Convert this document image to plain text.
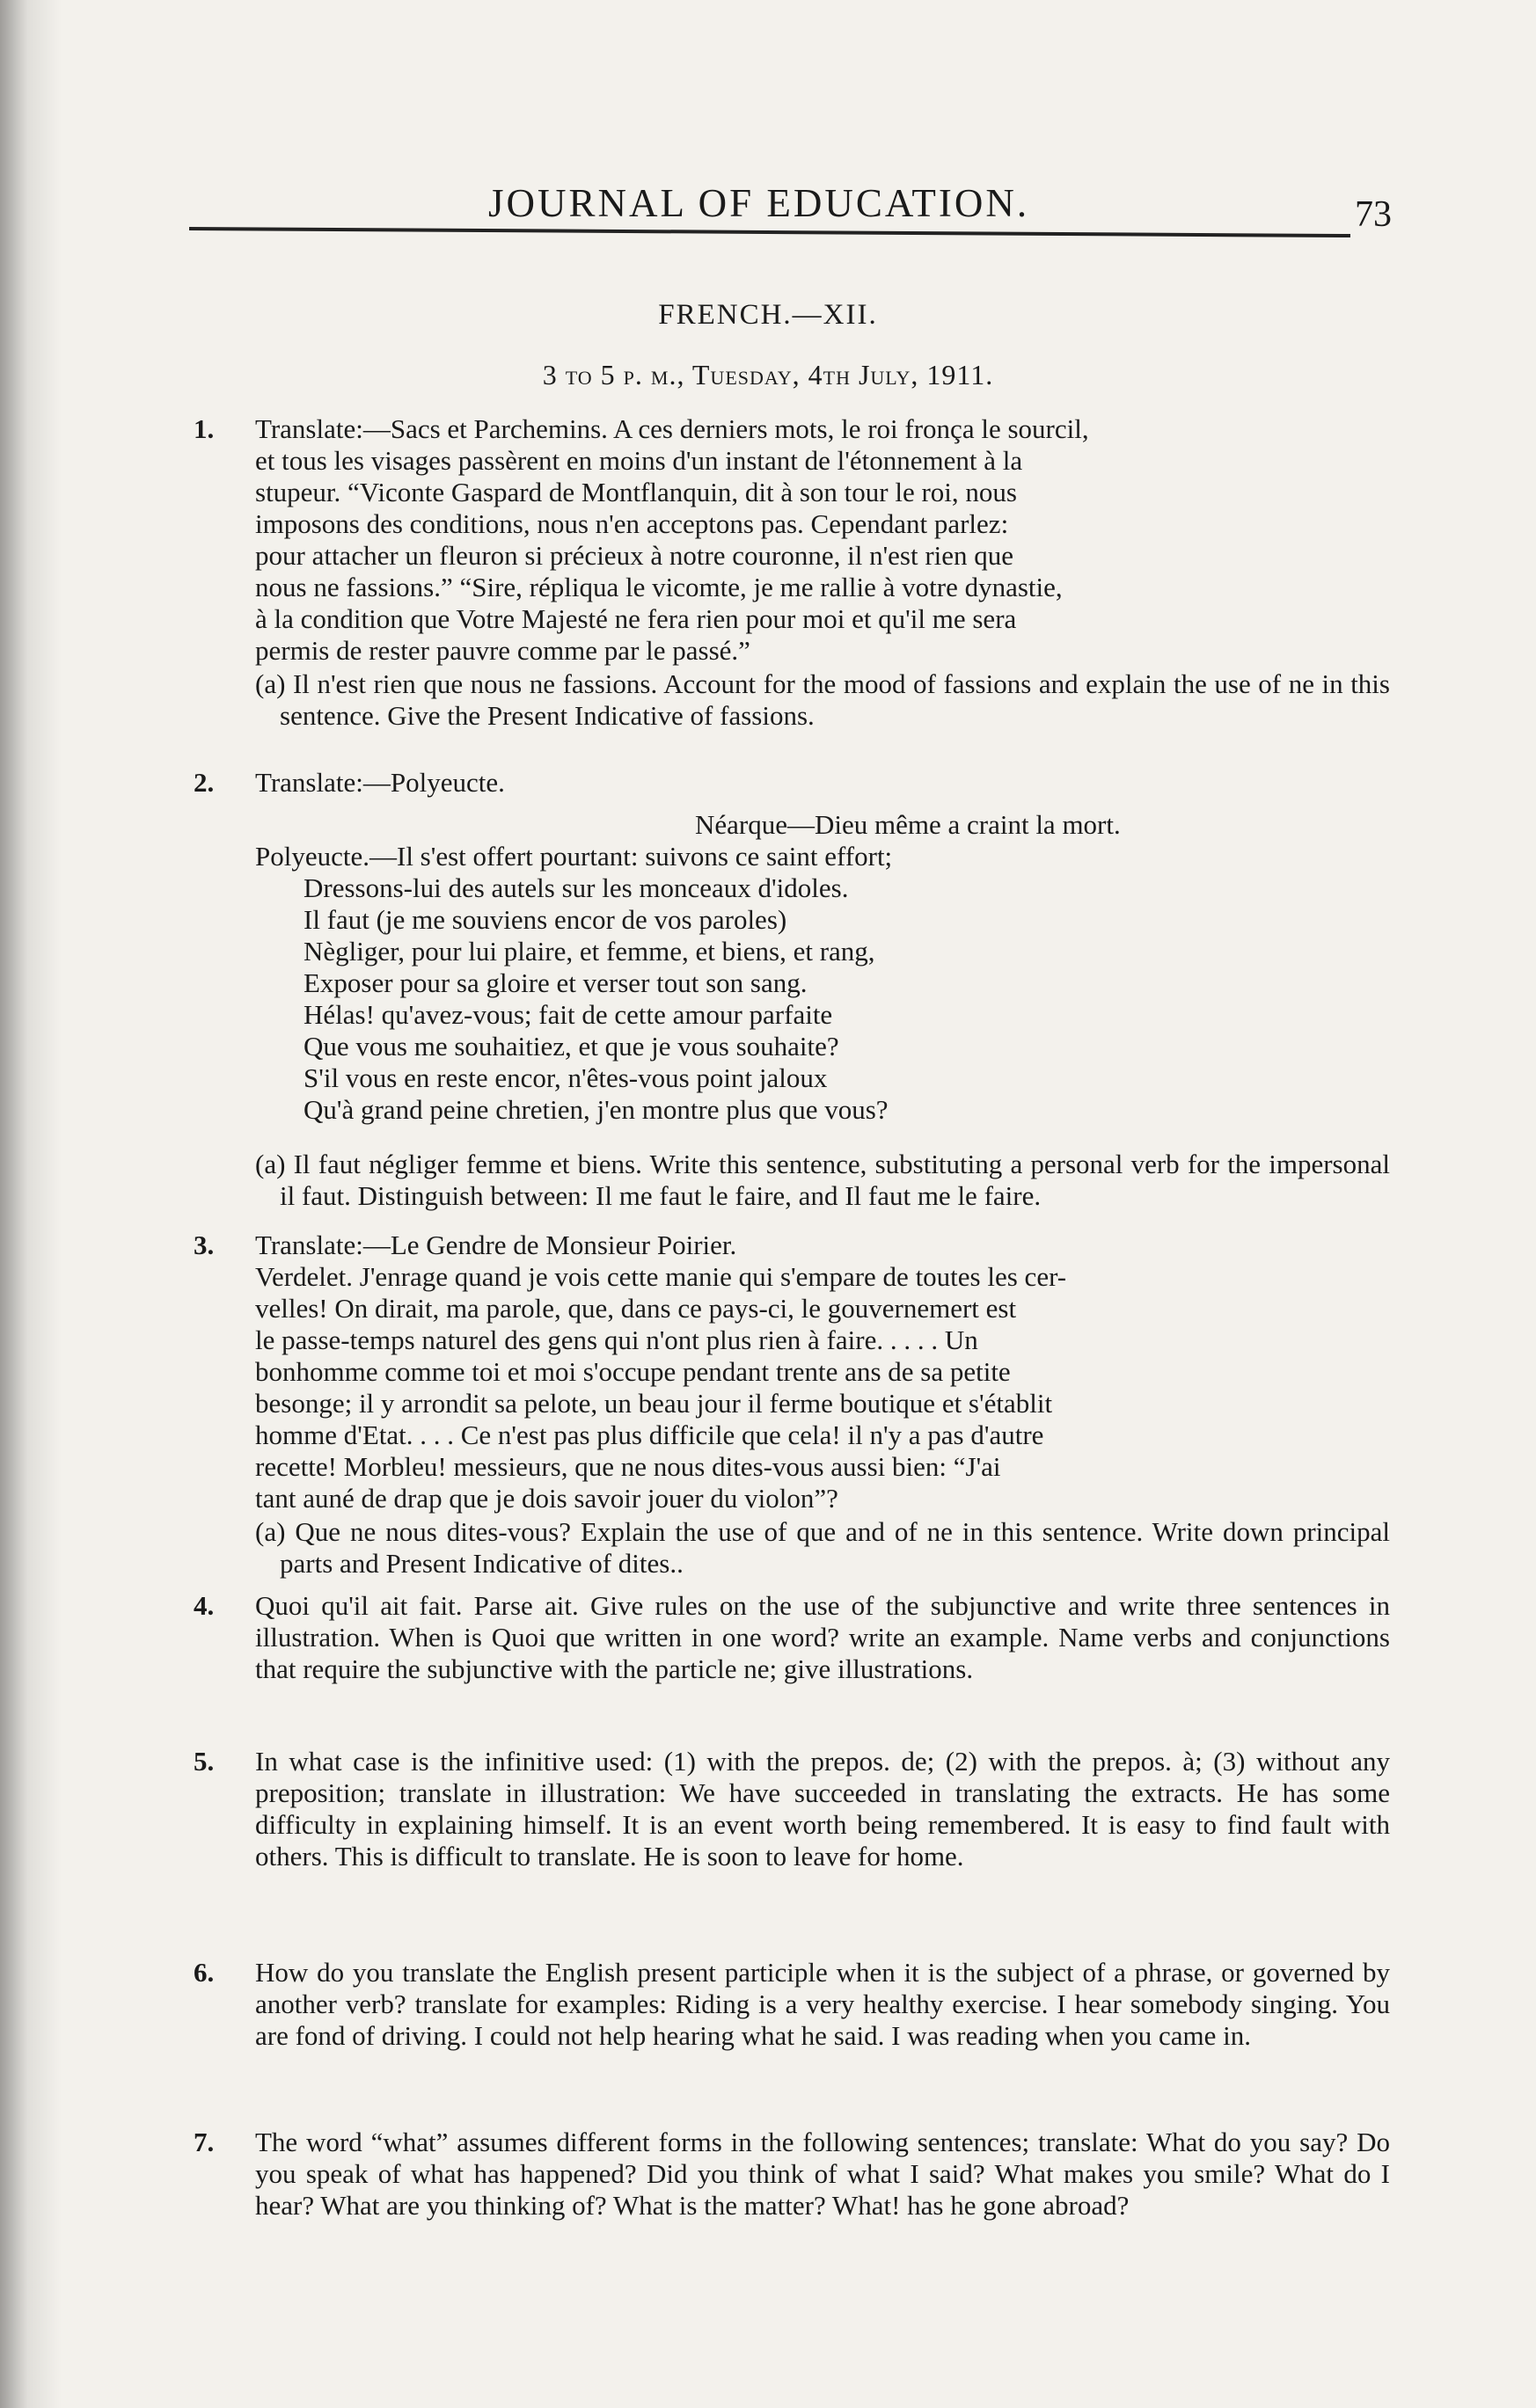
JOURNAL OF EDUCATION.	73
FRENCH.—XII.
3 to 5 p. m., Tuesday, 4th July, 1911.
1. Translate:—Sacs et Parchemins. A ces derniers mots, le roi fronça le sourcil,
et tous les visages passèrent en moins d'un instant de l'étonnement à la
stupeur. “Viconte Gaspard de Montflanquin, dit à son tour le roi, nous
imposons des conditions, nous n'en acceptons pas. Cependant parlez:
pour attacher un fleuron si précieux à notre couronne, il n'est rien que
nous ne fassions.” “Sire, répliqua le vicomte, je me rallie à votre dynastie,
à la condition que Votre Majesté ne fera rien pour moi et qu'il me sera
permis de rester pauvre comme par le passé.”
(a) Il n'est rien que nous ne fassions. Account for the mood of fassions and explain the use of ne in this sentence. Give the Present Indicative of fassions.
2. Translate:—Polyeucte.
Néarque—Dieu même a craint la mort.
Polyeucte.—Il s'est offert pourtant: suivons ce saint effort;
Dressons-lui des autels sur les monceaux d'idoles.
Il faut (je me souviens encor de vos paroles)
Nègliger, pour lui plaire, et femme, et biens, et rang,
Exposer pour sa gloire et verser tout son sang.
Hélas! qu'avez-vous; fait de cette amour parfaite
Que vous me souhaitiez, et que je vous souhaite?
S'il vous en reste encor, n'êtes-vous point jaloux
Qu'à grand peine chretien, j'en montre plus que vous?
(a) Il faut négliger femme et biens. Write this sentence, substituting a personal verb for the impersonal il faut. Distinguish between: Il me faut le faire, and Il faut me le faire.
3. Translate:—Le Gendre de Monsieur Poirier.
Verdelet. J'enrage quand je vois cette manie qui s'empare de toutes les cer-
velles! On dirait, ma parole, que, dans ce pays-ci, le gouvernemert est
le passe-temps naturel des gens qui n'ont plus rien à faire. . . . . Un
bonhomme comme toi et moi s'occupe pendant trente ans de sa petite
besonge; il y arrondit sa pelote, un beau jour il ferme boutique et s'établit
homme d'Etat. . . . Ce n'est pas plus difficile que cela! il n'y a pas d'autre
recette! Morbleu! messieurs, que ne nous dites-vous aussi bien: “J'ai
tant auné de drap que je dois savoir jouer du violon”?
(a) Que ne nous dites-vous? Explain the use of que and of ne in this sentence. Write down principal parts and Present Indicative of dites..
4. Quoi qu'il ait fait. Parse ait. Give rules on the use of the subjunctive and write three sentences in illustration. When is Quoi que written in one word? write an example. Name verbs and conjunctions that require the subjunctive with the particle ne; give illustrations.
5. In what case is the infinitive used: (1) with the prepos. de; (2) with the prepos. à; (3) without any preposition; translate in illustration: We have succeeded in translating the extracts. He has some difficulty in explaining himself. It is an event worth being remembered. It is easy to find fault with others. This is difficult to translate. He is soon to leave for home.
6. How do you translate the English present participle when it is the subject of a phrase, or governed by another verb? translate for examples: Riding is a very healthy exercise. I hear somebody singing. You are fond of driving. I could not help hearing what he said. I was reading when you came in.
7. The word “what” assumes different forms in the following sentences; translate: What do you say? Do you speak of what has happened? Did you think of what I said? What makes you smile? What do I hear? What are you thinking of? What is the matter? What! has he gone abroad?
